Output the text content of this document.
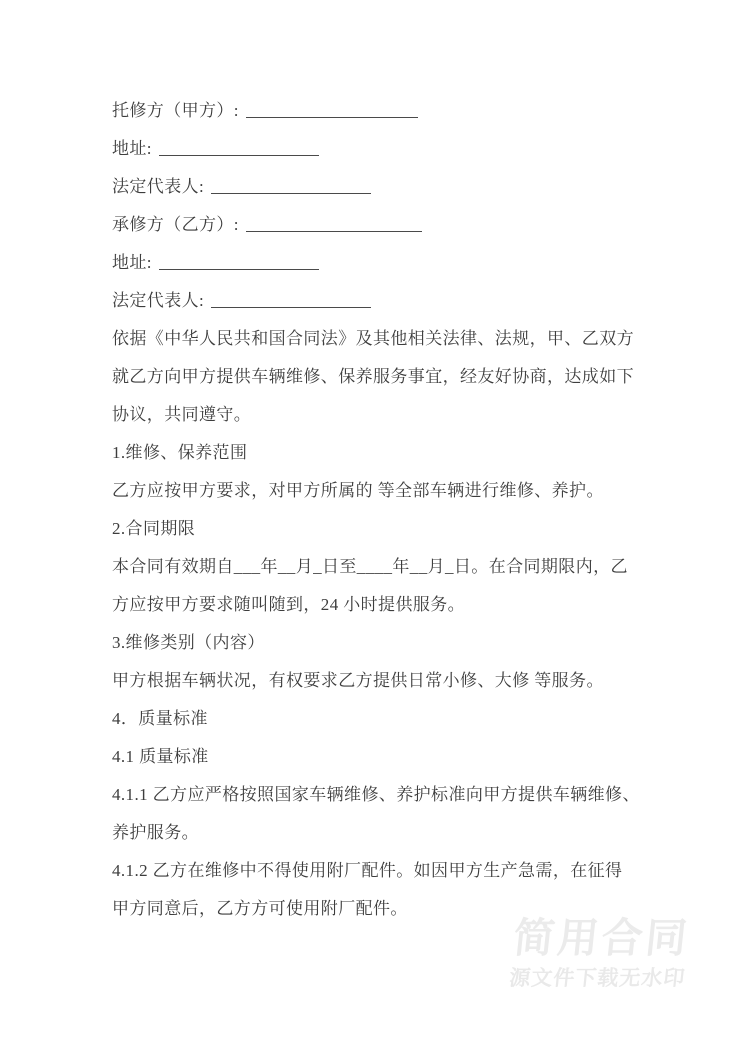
托修方（甲方）:
地址:
法定代表人:
承修方（乙方）:
地址:
法定代表人:
依据《中华人民共和国合同法》及其他相关法律、法规，甲、乙双方
就乙方向甲方提供车辆维修、保养服务事宜，经友好协商，达成如下
协议，共同遵守。
1.维修、保养范围
乙方应按甲方要求，对甲方所属的 等全部车辆进行维修、养护。
2.合同期限
本合同有效期自___年__月_日至____年__月_日。在合同期限内，乙
方应按甲方要求随叫随到，24 小时提供服务。
3.维修类别（内容）
甲方根据车辆状况，有权要求乙方提供日常小修、大修 等服务。
4．质量标准
4.1 质量标准
4.1.1 乙方应严格按照国家车辆维修、养护标准向甲方提供车辆维修、
养护服务。
4.1.2 乙方在维修中不得使用附厂配件。如因甲方生产急需，在征得
甲方同意后，乙方方可使用附厂配件。
简用合同
源文件下载无水印
